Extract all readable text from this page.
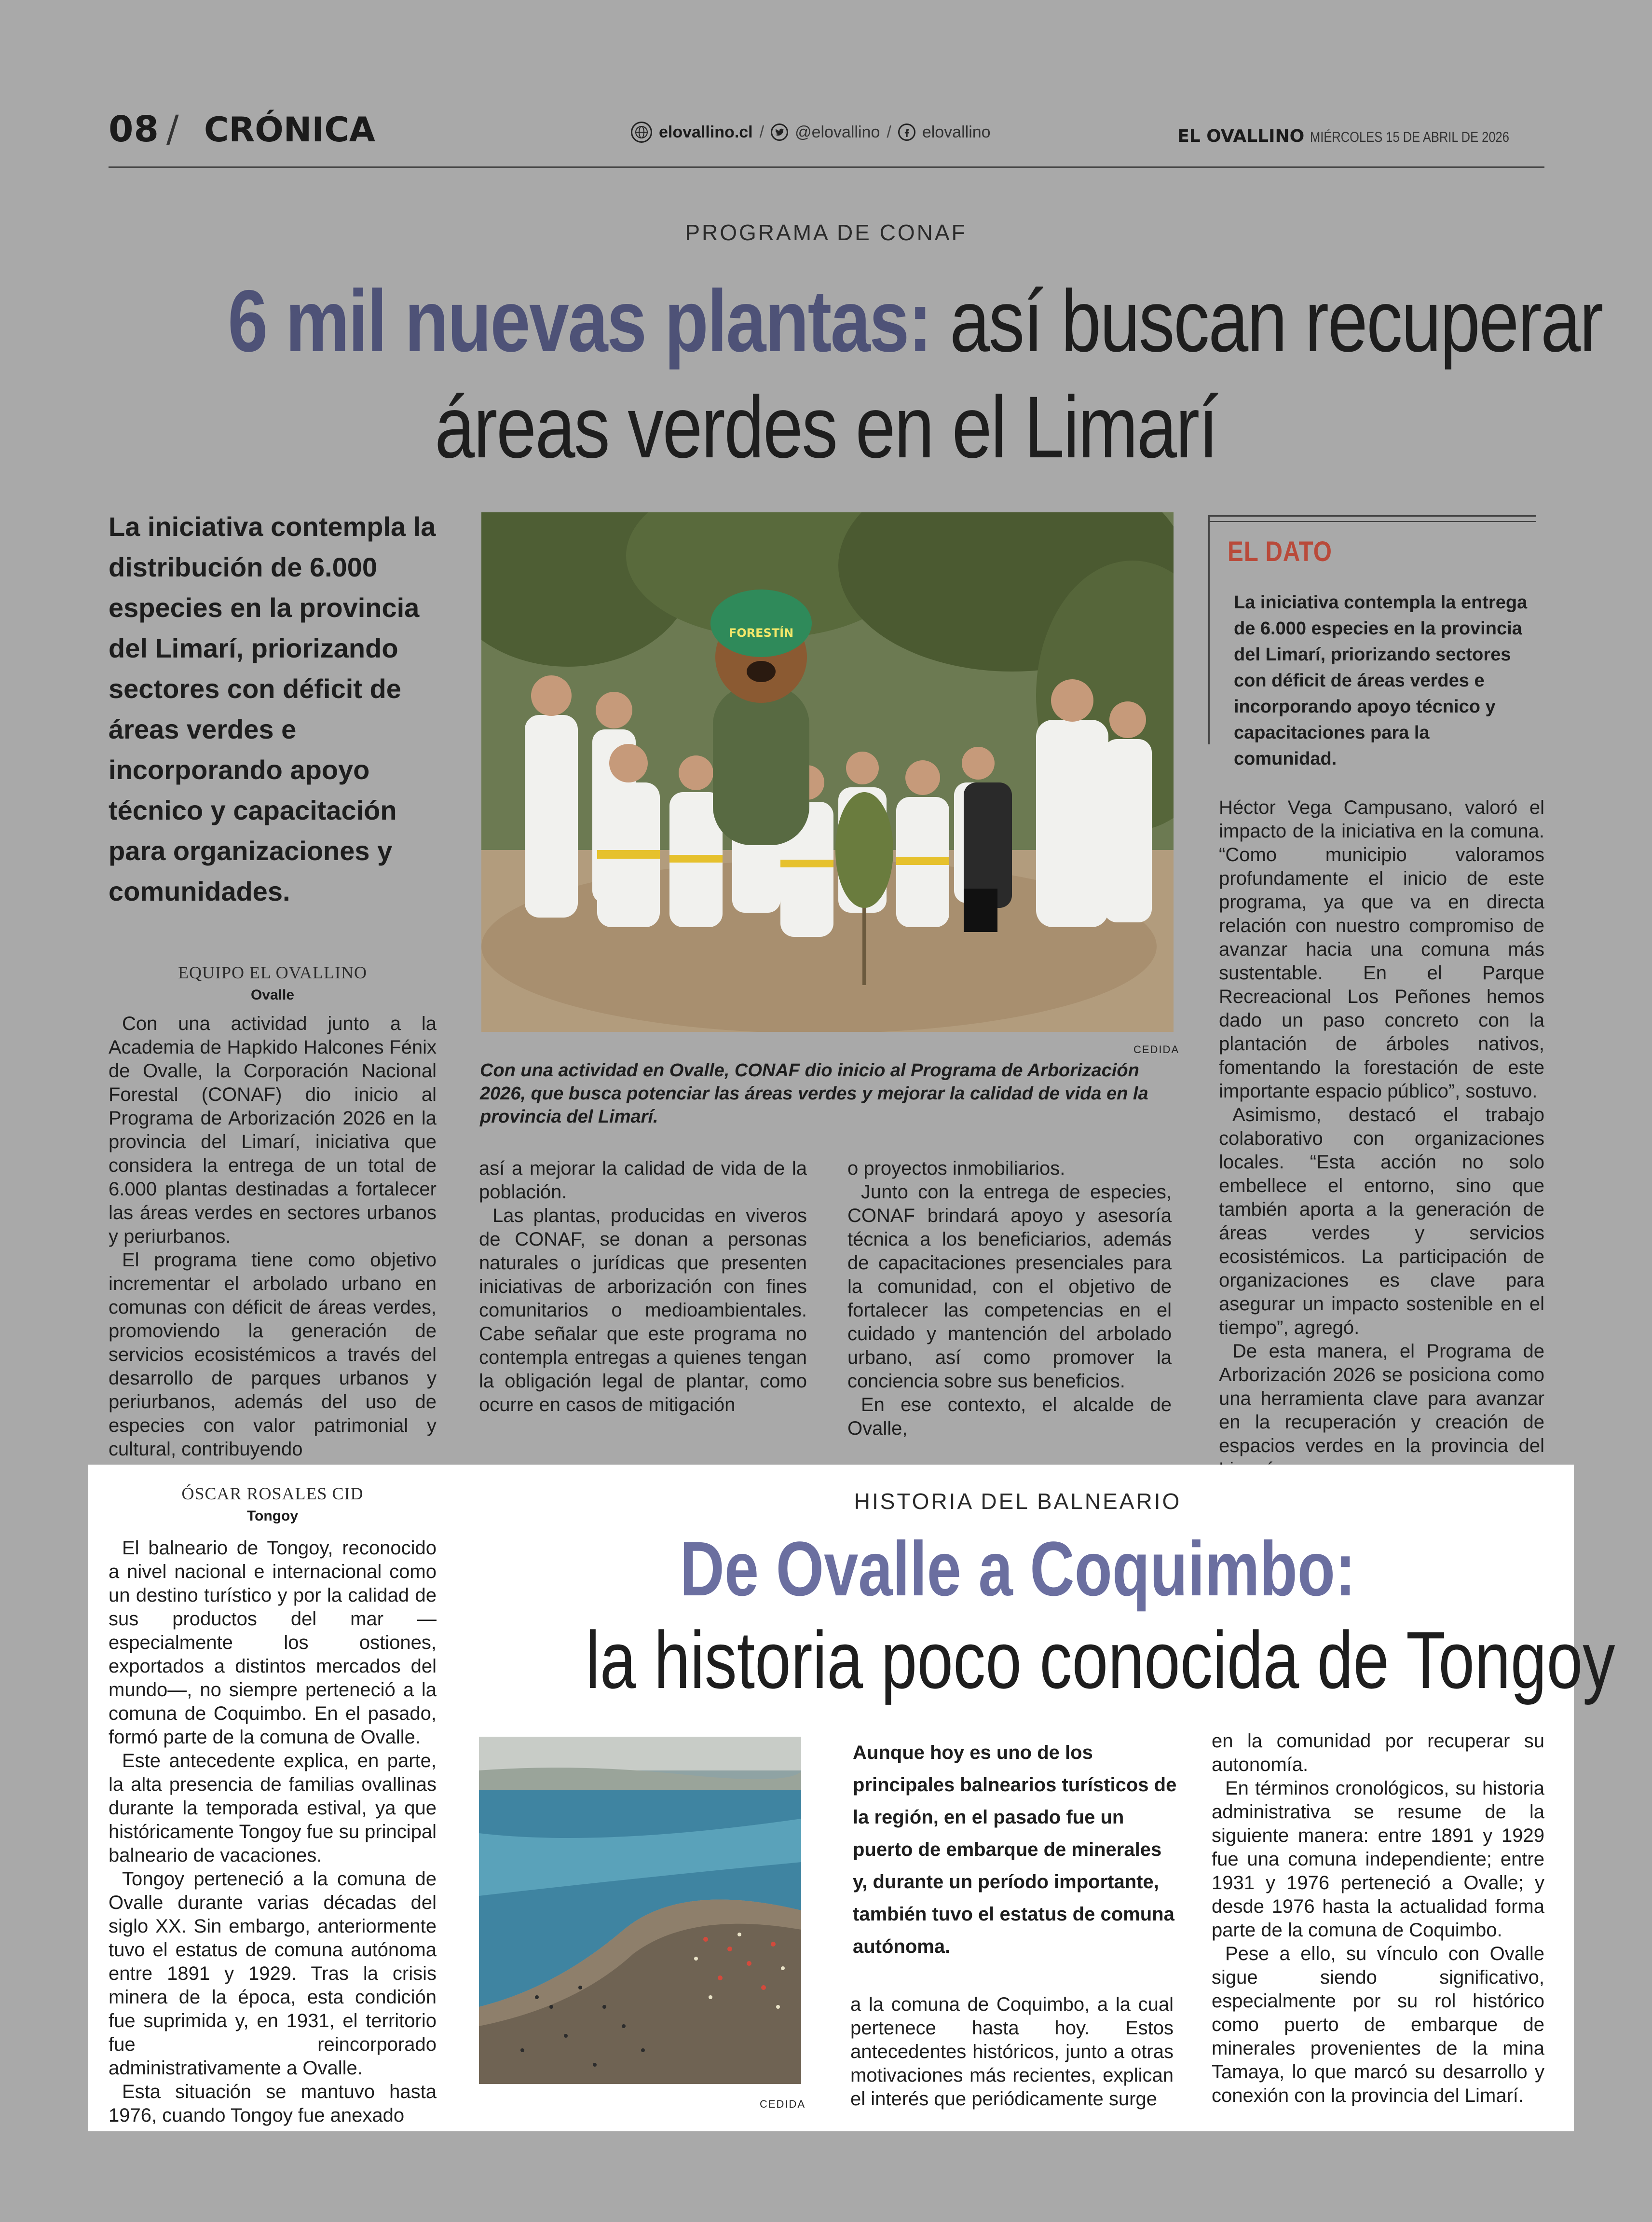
08 / CRÓNICA	elovallino.cl / @elovallino / elovallino	EL OVALLINO MIÉRCOLES 15 DE ABRIL DE 2026
PROGRAMA DE CONAF
6 mil nuevas plantas: así buscan recuperar
áreas verdes en el Limarí
La iniciativa contempla la distribución de 6.000 especies en la provincia del Limarí, priorizando sectores con déficit de áreas verdes e incorporando apoyo técnico y capacitación para organizaciones y comunidades.
EQUIPO EL OVALLINO
Ovalle

Con una actividad junto a la Academia de Hapkido Halcones Fénix de Ovalle, la Corporación Nacional Forestal (CONAF) dio inicio al Programa de Arborización 2026 en la provincia del Limarí, iniciativa que considera la entrega de un total de 6.000 plantas destinadas a fortalecer las áreas verdes en sectores urbanos y periurbanos.

El programa tiene como objetivo incrementar el arbolado urbano en comunas con déficit de áreas verdes, promoviendo la generación de servicios ecosistémicos a través del desarrollo de parques urbanos y periurbanos, además del uso de especies con valor patrimonial y cultural, contribuyendo

FORESTÍN
CEDIDA
Con una actividad en Ovalle, CONAF dio inicio al Programa de Arborización 2026, que busca potenciar las áreas verdes y mejorar la calidad de vida en la provincia del Limarí.

así a mejorar la calidad de vida de la población.

Las plantas, producidas en viveros de CONAF, se donan a personas naturales o jurídicas que presenten iniciativas de arborización con fines comunitarios o medioambientales. Cabe señalar que este programa no contempla entregas a quienes tengan la obligación legal de plantar, como ocurre en casos de mitigación

o proyectos inmobiliarios.

Junto con la entrega de especies, CONAF brindará apoyo y asesoría técnica a los beneficiarios, además de capacitaciones presenciales para la comunidad, con el objetivo de fortalecer las competencias en el cuidado y mantención del arbolado urbano, así como promover la conciencia sobre sus beneficios.

En ese contexto, el alcalde de Ovalle,

EL DATO
La iniciativa contempla la entrega de 6.000 especies en la provincia del Limarí, priorizando sectores con déficit de áreas verdes e incorporando apoyo técnico y capacitaciones para la comunidad.

Héctor Vega Campusano, valoró el impacto de la iniciativa en la comuna. “Como municipio valoramos profundamente el inicio de este programa, ya que va en directa relación con nuestro compromiso de avanzar hacia una comuna más sustentable. En el Parque Recreacional Los Peñones hemos dado un paso concreto con la plantación de árboles nativos, fomentando la forestación de este importante espacio público”, sostuvo.

Asimismo, destacó el trabajo colaborativo con organizaciones locales. “Esta acción no solo embellece el entorno, sino que también aporta a la generación de áreas verdes y servicios ecosistémicos. La participación de organizaciones es clave para asegurar un impacto sostenible en el tiempo”, agregó.

De esta manera, el Programa de Arborización 2026 se posiciona como una herramienta clave para avanzar en la recuperación y creación de espacios verdes en la provincia del

ÓSCAR ROSALES CID
Tongoy

El balneario de Tongoy, reconocido a nivel nacional e internacional como un destino turístico y por la calidad de sus productos del mar —especialmente los ostiones, exportados a distintos mercados del mundo—, no siempre perteneció a la comuna de Coquimbo. En el pasado, formó parte de la comuna de Ovalle.

Este antecedente explica, en parte, la alta presencia de familias ovallinas durante la temporada estival, ya que históricamente Tongoy fue su principal balneario de vacaciones.

Tongoy perteneció a la comuna de Ovalle durante varias décadas del siglo XX. Sin embargo, anteriormente tuvo el estatus de comuna autónoma entre 1891 y 1929. Tras la crisis minera de la época, esta condición fue suprimida y, en 1931, el territorio fue reincorporado administrativamente a Ovalle.

Esta situación se mantuvo hasta 1976, cuando Tongoy fue anexado

HISTORIA DEL BALNEARIO
De Ovalle a Coquimbo:
la historia poco conocida de Tongoy
CEDIDA
Aunque hoy es uno de los principales balnearios turísticos de la región, en el pasado fue un puerto de embarque de minerales y, durante un período importante, también tuvo el estatus de comuna autónoma.

a la comuna de Coquimbo, a la cual pertenece hasta hoy. Estos antecedentes históricos, junto a otras motivaciones más recientes, explican el interés que periódicamente surge

en la comunidad por recuperar su autonomía.

En términos cronológicos, su historia administrativa se resume de la siguiente manera: entre 1891 y 1929 fue una comuna independiente; entre 1931 y 1976 perteneció a Ovalle; y desde 1976 hasta la actualidad forma parte de la comuna de Coquimbo.

Pese a ello, su vínculo con Ovalle sigue siendo significativo, especialmente por su rol histórico como puerto de embarque de minerales provenientes de la mina Tamaya, lo que marcó su desarrollo y conexión con la provincia del Limarí.
